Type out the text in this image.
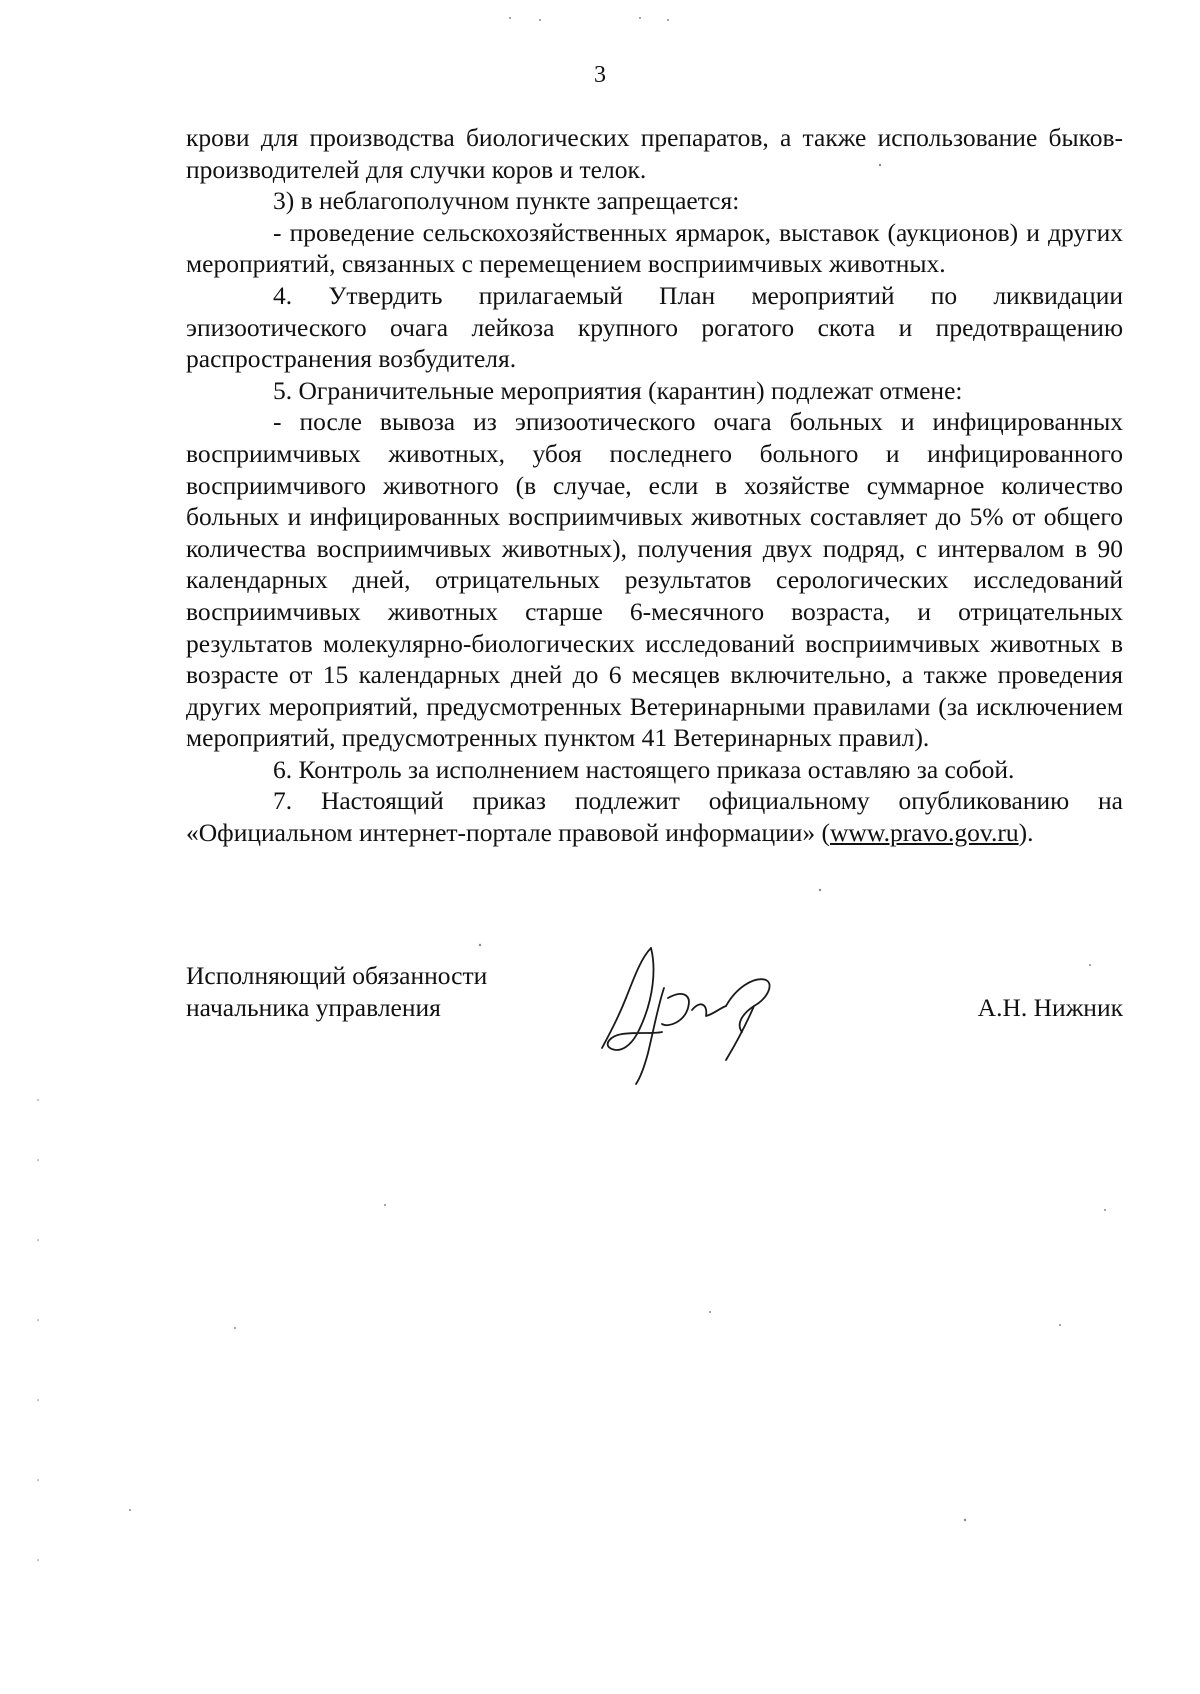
3

крови для производства биологических препаратов, а также использование быков-производителей для случки коров и телок.

3) в неблагополучном пункте запрещается:

- проведение сельскохозяйственных ярмарок, выставок (аукционов) и других мероприятий, связанных с перемещением восприимчивых животных.

4. Утвердить прилагаемый План мероприятий по ликвидации эпизоотического очага лейкоза крупного рогатого скота и предотвращению распространения возбудителя.

5. Ограничительные мероприятия (карантин) подлежат отмене:

- после вывоза из эпизоотического очага больных и инфицированных восприимчивых животных, убоя последнего больного и инфицированного восприимчивого животного (в случае, если в хозяйстве суммарное количество больных и инфицированных восприимчивых животных составляет до 5% от общего количества восприимчивых животных), получения двух подряд, с интервалом в 90 календарных дней, отрицательных результатов серологических исследований восприимчивых животных старше 6-месячного возраста, и отрицательных результатов молекулярно-биологических исследований восприимчивых животных в возрасте от 15 календарных дней до 6 месяцев включительно, а также проведения других мероприятий, предусмотренных Ветеринарными правилами (за исключением мероприятий, предусмотренных пунктом 41 Ветеринарных правил).

6. Контроль за исполнением настоящего приказа оставляю за собой.

7. Настоящий приказ подлежит официальному опубликованию на «Официальном интернет-портале правовой информации» (www.pravo.gov.ru).

Исполняющий обязанности
начальника управления	А.Н. Нижник
